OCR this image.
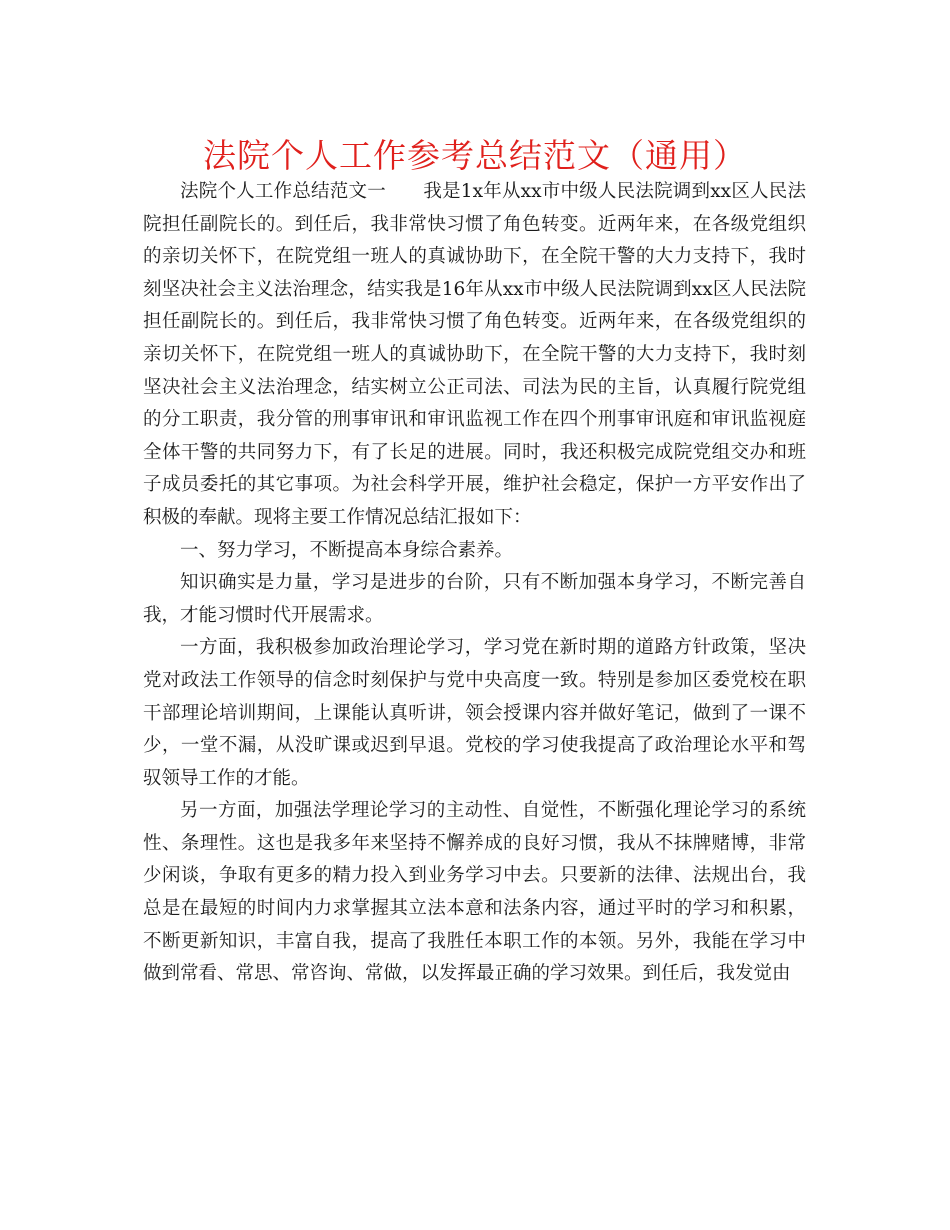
法院个人工作参考总结范文（通用）

法院个人工作总结范文一　　我是1x年从xx市中级人民法院调到xx区人民法院担任副院长的。到任后，我非常快习惯了角色转变。近两年来，在各级党组织的亲切关怀下，在院党组一班人的真诚协助下，在全院干警的大力支持下，我时刻坚决社会主义法治理念，结实我是16年从xx市中级人民法院调到xx区人民法院担任副院长的。到任后，我非常快习惯了角色转变。近两年来，在各级党组织的亲切关怀下，在院党组一班人的真诚协助下，在全院干警的大力支持下，我时刻坚决社会主义法治理念，结实树立公正司法、司法为民的主旨，认真履行院党组的分工职责，我分管的刑事审讯和审讯监视工作在四个刑事审讯庭和审讯监视庭全体干警的共同努力下，有了长足的进展。同时，我还积极完成院党组交办和班子成员委托的其它事项。为社会科学开展，维护社会稳定，保护一方平安作出了积极的奉献。现将主要工作情况总结汇报如下：

一、努力学习，不断提高本身综合素养。

知识确实是力量，学习是进步的台阶，只有不断加强本身学习，不断完善自我，才能习惯时代开展需求。

一方面，我积极参加政治理论学习，学习党在新时期的道路方针政策，坚决党对政法工作领导的信念时刻保护与党中央高度一致。特别是参加区委党校在职干部理论培训期间，上课能认真听讲，领会授课内容并做好笔记，做到了一课不少，一堂不漏，从没旷课或迟到早退。党校的学习使我提高了政治理论水平和驾驭领导工作的才能。

另一方面，加强法学理论学习的主动性、自觉性，不断强化理论学习的系统性、条理性。这也是我多年来坚持不懈养成的良好习惯，我从不抹牌赌博，非常少闲谈，争取有更多的精力投入到业务学习中去。只要新的法律、法规出台，我总是在最短的时间内力求掌握其立法本意和法条内容，通过平时的学习和积累，不断更新知识，丰富自我，提高了我胜任本职工作的本领。另外，我能在学习中做到常看、常思、常咨询、常做，以发挥最正确的学习效果。到任后，我发觉由
